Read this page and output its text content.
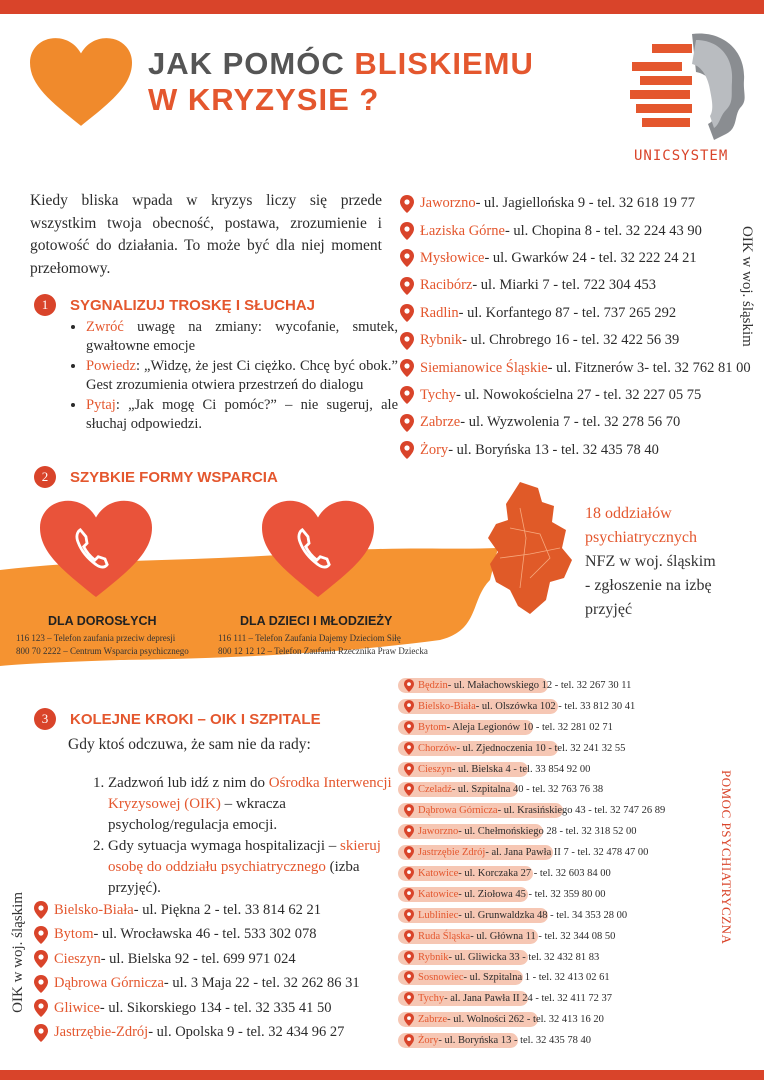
JAK POMÓC BLISKIEMU
W KRYZYSIE ?
UNICSYSTEM
Kiedy bliska wpada w kryzys liczy się przede wszystkim twoja obecność, postawa, zrozumienie i gotowość do działania. To może być dla niej moment przełomowy.
1	SYGNALIZUJ TROSKĘ I SŁUCHAJ
• Zwróć uwagę na zmiany: wycofanie, smutek, gwałtowne emocje
• Powiedz: „Widzę, że jest Ci ciężko. Chcę być obok.” Gest zrozumienia otwiera przestrzeń do dialogu
• Pytaj: „Jak mogę Ci pomóc?” – nie sugeruj, ale słuchaj odpowiedzi.
2	SZYBKIE FORMY WSPARCIA
DLA DOROSŁYCH
116 123 – Telefon zaufania przeciw depresji
800 70 2222 – Centrum Wsparcia psychicznego
DLA DZIECI I MŁODZIEŻY
116 111 – Telefon Zaufania Dajemy Dzieciom Siłę
800 12 12 12 – Telefon Zaufania Rzecznika Praw Dziecka
3	KOLEJNE KROKI – OIK I SZPITALE
Gdy ktoś odczuwa, że sam nie da rady:
1. Zadzwoń lub idź z nim do Ośrodka Interwencji Kryzysowej (OIK) – wkracza psycholog/regulacja emocji.
2. Gdy sytuacja wymaga hospitalizacji – skieruj osobę do oddziału psychiatrycznego (izba przyjęć).
Jaworzno - ul. Jagiellońska 9 - tel. 32 618 19 77
Łaziska Górne - ul. Chopina 8 - tel. 32 224 43 90
Mysłowice - ul. Gwarków 24 - tel. 32 222 24 21
Racibórz - ul. Miarki 7 - tel. 722 304 453
Radlin - ul. Korfantego 87 - tel. 737 265 292
Rybnik - ul. Chrobrego 16 - tel. 32 422 56 39
Siemianowice Śląskie - ul. Fitznerów 3- tel. 32 762 81 00
Tychy - ul. Nowokościelna 27 - tel. 32 227 05 75
Zabrze - ul. Wyzwolenia 7 - tel. 32 278 56 70
Żory - ul. Boryńska 13 - tel. 32 435 78 40
OIK w woj. śląskim
Bielsko-Biała - ul. Piękna 2 - tel. 33 814 62 21
Bytom - ul. Wrocławska 46 - tel. 533 302 078
Cieszyn - ul. Bielska 92 - tel. 699 971 024
Dąbrowa Górnicza - ul. 3 Maja 22 - tel. 32 262 86 31
Gliwice - ul. Sikorskiego 134 - tel. 32 335 41 50
Jastrzębie-Zdrój - ul. Opolska 9 - tel. 32 434 96 27
OIK w woj. śląskim
18 oddziałów
psychiatrycznych
NFZ w woj. śląskim
- zgłoszenie na izbę
przyjęć
Będzin - ul. Małachowskiego 12 - tel. 32 267 30 11
Bielsko-Biała - ul. Olszówka 102 - tel. 33 812 30 41
Bytom - Aleja Legionów 10 - tel. 32 281 02 71
Chorzów - ul. Zjednoczenia 10 - tel. 32 241 32 55
Cieszyn - ul. Bielska 4 - tel. 33 854 92 00
Czeladź - ul. Szpitalna 40 - tel. 32 763 76 38
Dąbrowa Górnicza - ul. Krasińskiego 43 - tel. 32 747 26 89
Jaworzno - ul. Chełmońskiego 28 - tel. 32 318 52 00
Jastrzębie Zdrój - al. Jana Pawła II 7 - tel. 32 478 47 00
Katowice - ul. Korczaka 27 - tel. 32 603 84 00
Katowice - ul. Ziołowa 45 - tel. 32 359 80 00
Lubliniec - ul. Grunwaldzka 48 - tel. 34 353 28 00
Ruda Śląska - ul. Główna 11 - tel. 32 344 08 50
Rybnik - ul. Gliwicka 33 - tel. 32 432 81 83
Sosnowiec - ul. Szpitalna 1 - tel. 32 413 02 61
Tychy - al. Jana Pawła II 24 - tel. 32 411 72 37
Zabrze - ul. Wolności 262 - tel. 32 413 16 20
Żory - ul. Boryńska 13 - tel. 32 435 78 40
POMOC PSYCHIATRYCZNA
